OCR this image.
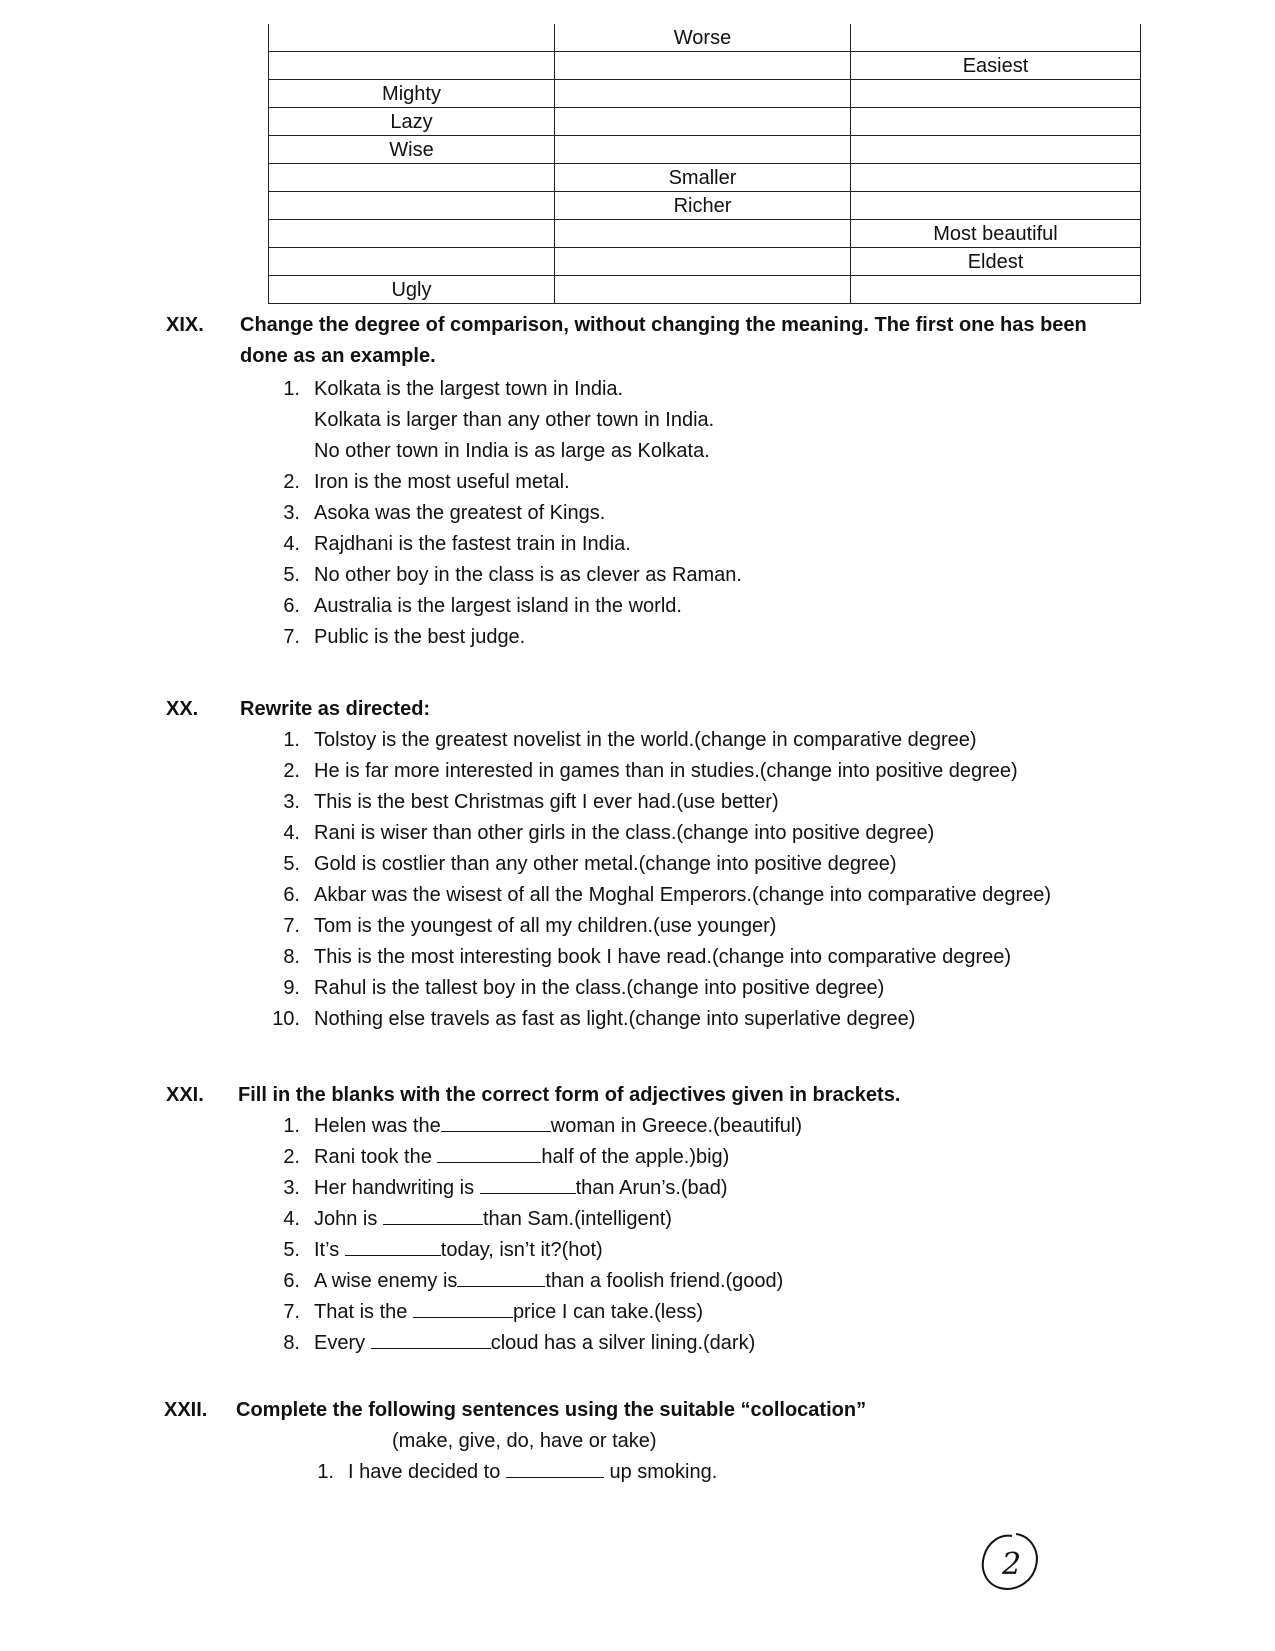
	Worse	
		Easiest
Mighty		
Lazy		
Wise		
	Smaller	
	Richer	
		Most beautiful
		Eldest
Ugly		
XIX. Change the degree of comparison, without changing the meaning. The first one has been done as an example.
1. Kolkata is the largest town in India.
Kolkata is larger than any other town in India.
No other town in India is as large as Kolkata.
2. Iron is the most useful metal.
3. Asoka was the greatest of Kings.
4. Rajdhani is the fastest train in India.
5. No other boy in the class is as clever as Raman.
6. Australia is the largest island in the world.
7. Public is the best judge.
XX. Rewrite as directed:
1. Tolstoy is the greatest novelist in the world.(change in comparative degree)
2. He is far more interested in games than in studies.(change into positive degree)
3. This is the best Christmas gift I ever had.(use better)
4. Rani is wiser than other girls in the class.(change into positive degree)
5. Gold is costlier than any other metal.(change into positive degree)
6. Akbar was the wisest of all the Moghal Emperors.(change into comparative degree)
7. Tom is the youngest of all my children.(use younger)
8. This is the most interesting book I have read.(change into comparative degree)
9. Rahul is the tallest boy in the class.(change into positive degree)
10. Nothing else travels as fast as light.(change into superlative degree)
XXI. Fill in the blanks with the correct form of adjectives given in brackets.
1. Helen was the	woman in Greece.(beautiful)
2. Rani took the	half of the apple.)big)
3. Her handwriting is	than Arun’s.(bad)
4. John is	than Sam.(intelligent)
5. It’s	today, isn’t it?(hot)
6. A wise enemy is	than a foolish friend.(good)
7. That is the	price I can take.(less)
8. Every	cloud has a silver lining.(dark)
XXII. Complete the following sentences using the suitable “collocation”
(make, give, do, have or take)
1. I have decided to	up smoking.
2
